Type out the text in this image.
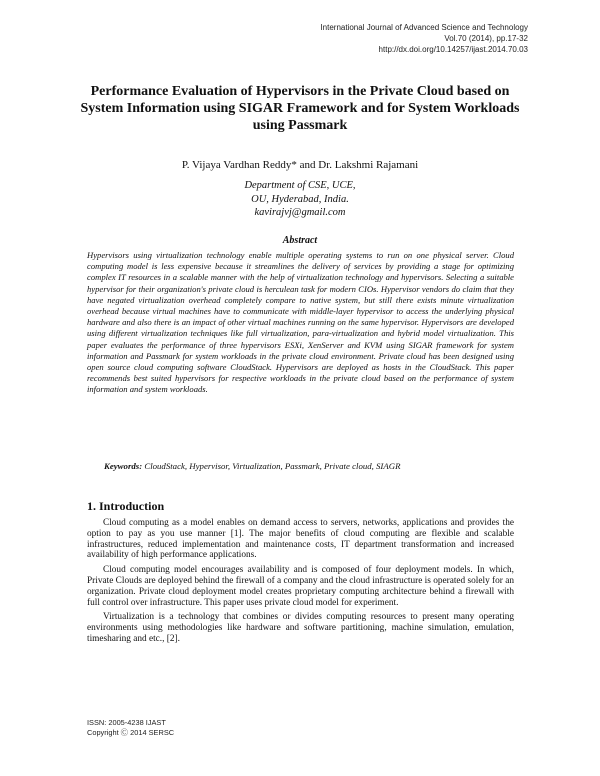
International Journal of Advanced Science and Technology
Vol.70 (2014), pp.17-32
http://dx.doi.org/10.14257/ijast.2014.70.03
Performance Evaluation of Hypervisors in the Private Cloud based on System Information using SIGAR Framework and for System Workloads using Passmark
P. Vijaya Vardhan Reddy* and Dr. Lakshmi Rajamani
Department of CSE, UCE,
OU, Hyderabad, India.
kavirajvj@gmail.com
Abstract
Hypervisors using virtualization technology enable multiple operating systems to run on one physical server. Cloud computing model is less expensive because it streamlines the delivery of services by providing a stage for optimizing complex IT resources in a scalable manner with the help of virtualization technology and hypervisors. Selecting a suitable hypervisor for their organization's private cloud is herculean task for modern CIOs. Hypervisor vendors do claim that they have negated virtualization overhead completely compare to native system, but still there exists minute virtualization overhead because virtual machines have to communicate with middle-layer hypervisor to access the underlying physical hardware and also there is an impact of other virtual machines running on the same hypervisor. Hypervisors are developed using different virtualization techniques like full virtualization, para-virtualization and hybrid model virtualization. This paper evaluates the performance of three hypervisors ESXi, XenServer and KVM using SIGAR framework for system information and Passmark for system workloads in the private cloud environment. Private cloud has been designed using open source cloud computing software CloudStack. Hypervisors are deployed as hosts in the CloudStack. This paper recommends best suited hypervisors for respective workloads in the private cloud based on the performance of system information and system workloads.
Keywords: CloudStack, Hypervisor, Virtualization, Passmark, Private cloud, SIAGR
1. Introduction

Cloud computing as a model enables on demand access to servers, networks, applications and provides the option to pay as you use manner [1]. The major benefits of cloud computing are flexible and scalable infrastructures, reduced implementation and maintenance costs, IT department transformation and increased availability of high performance applications.

Cloud computing model encourages availability and is composed of four deployment models. In which, Private Clouds are deployed behind the firewall of a company and the cloud infrastructure is operated solely for an organization. Private cloud deployment model creates proprietary computing architecture behind a firewall with full control over infrastructure. This paper uses private cloud model for experiment.

Virtualization is a technology that combines or divides computing resources to present many operating environments using methodologies like hardware and software partitioning, machine simulation, emulation, timesharing and etc., [2].

ISSN: 2005-4238 IJAST
Copyright Ⓒ 2014 SERSC
